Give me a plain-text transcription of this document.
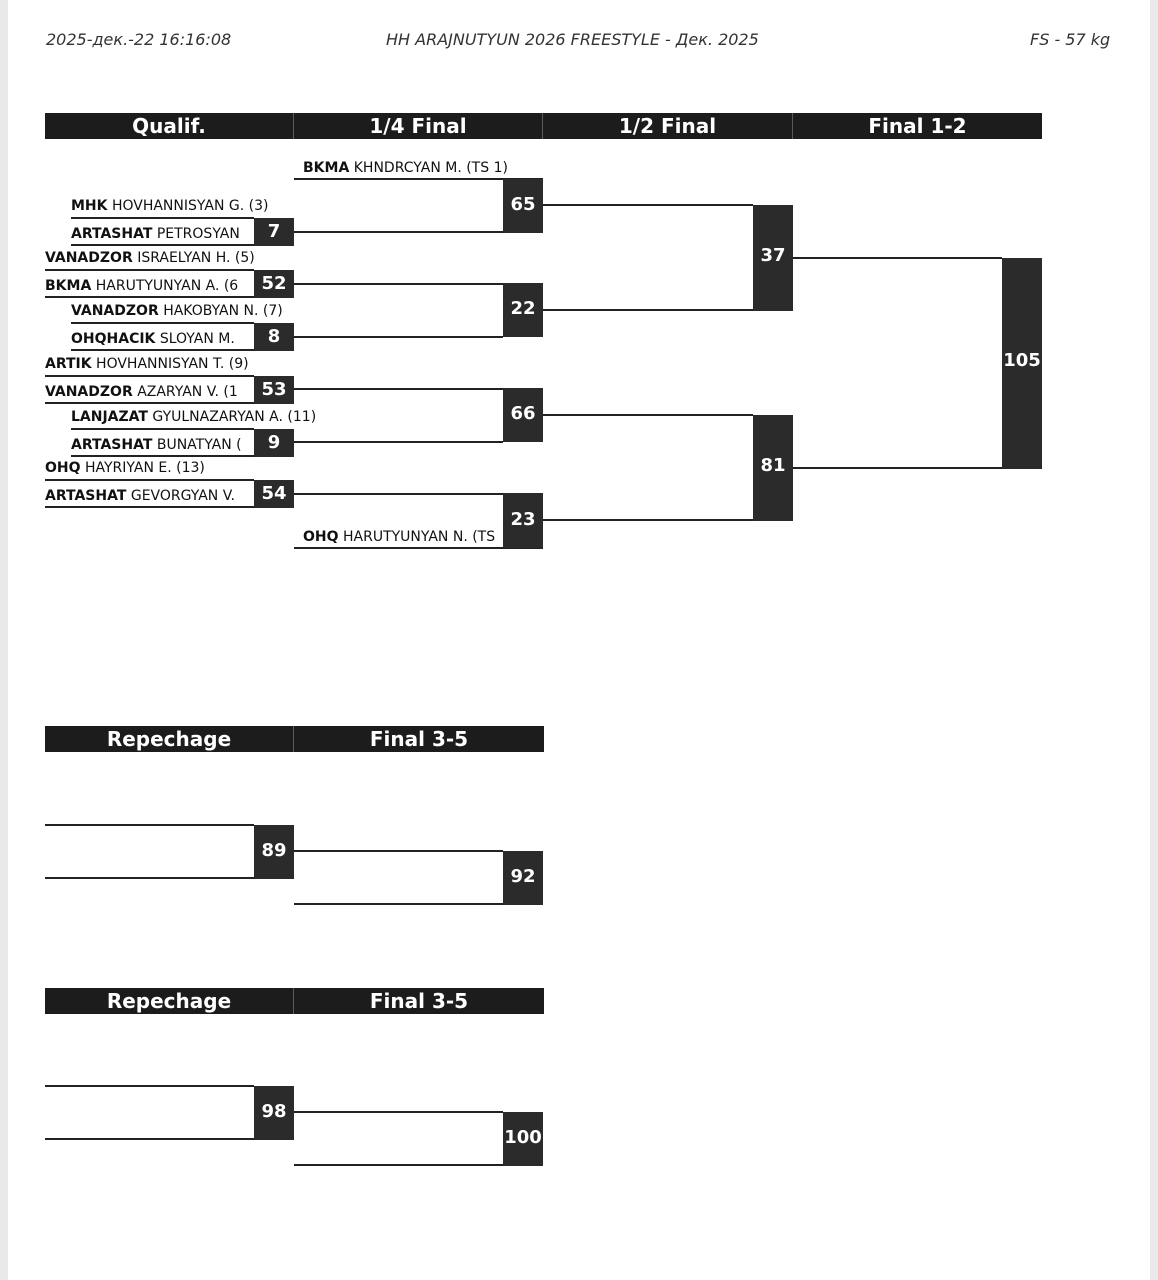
2025-дек.-22 16:16:08	HH ARAJNUTYUN 2026 FREESTYLE - Дек. 2025	FS - 57 kg
Qualif.	1/4 Final	1/2 Final	Final 1-2
BKMA KHNDRCYAN M. (TS 1)
OHQ HARUTYUNYAN N. (TS
MHK HOVHANNISYAN G. (3)
ARTASHAT PETROSYAN	7
VANADZOR ISRAELYAN H. (5)
BKMA HARUTYUNYAN A. (6	52
VANADZOR HAKOBYAN N. (7)
OHQHACIK SLOYAN M.	8
ARTIK HOVHANNISYAN T. (9)
VANADZOR AZARYAN V. (1	53
LANJAZAT GYULNAZARYAN A. (11)
ARTASHAT BUNATYAN (	9
OHQ HAYRIYAN E. (13)
ARTASHAT GEVORGYAN V.	54
65
22
66
23
37
81
105
Repechage	Final 3-5
89
92
Repechage	Final 3-5
98
100
